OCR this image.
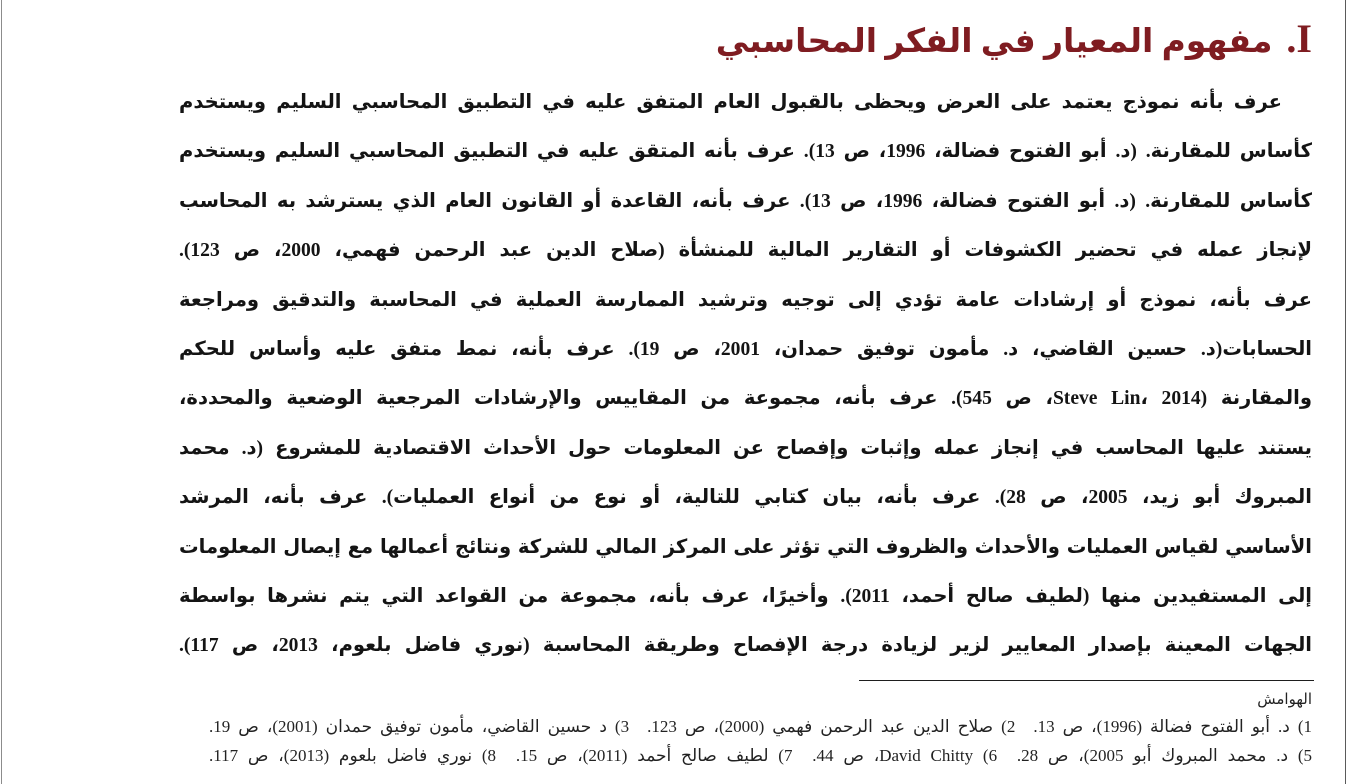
I.
مفهوم المعيار في الفكر المحاسبي
عرف بأنه نموذج يعتمد على العرض ويحظى بالقبول العام المتفق عليه في التطبيق المحاسبي السليم ويستخدم
كأساس للمقارنة. (د. أبو الفتوح فضالة، 1996، ص 13). عرف بأنه المتقق عليه في التطبيق المحاسبي السليم ويستخدم
كأساس للمقارنة. (د. أبو الفتوح فضالة، 1996، ص 13). عرف بأنه، القاعدة أو القانون العام الذي يسترشد به المحاسب
لإنجاز عمله في تحضير الكشوفات أو التقارير المالية للمنشأة (صلاح الدين عبد الرحمن فهمي، 2000، ص 123).
عرف بأنه، نموذج أو إرشادات عامة تؤدي إلى توجيه وترشيد الممارسة العملية في المحاسبة والتدقيق ومراجعة
الحسابات(د. حسين القاضي، د. مأمون توفيق حمدان، 2001، ص 19). عرف بأنه، نمط متفق عليه وأساس للحكم
والمقارنة (Steve Lin، 2014، ص 545). عرف بأنه، مجموعة من المقاييس والإرشادات المرجعية الوضعية والمحددة،
يستند عليها المحاسب في إنجاز عمله وإثبات وإفصاح عن المعلومات حول الأحداث الاقتصادية للمشروع (د. محمد
المبروك أبو زيد، 2005، ص 28). عرف بأنه، بيان كتابي للتالية، أو نوع من أنواع العمليات). عرف بأنه، المرشد
الأساسي لقياس العمليات والأحداث والظروف التي تؤثر على المركز المالي للشركة ونتائج أعمالها مع إيصال المعلومات
إلى المستفيدين منها (لطيف صالح أحمد، 2011). وأخيرًا، عرف بأنه، مجموعة من القواعد التي يتم نشرها بواسطة
الجهات المعينة بإصدار المعايير لزير لزيادة درجة الإفصاح وطريقة المحاسبة (نوري فاضل بلعوم، 2013، ص 117).
الهوامش
1) د. أبو الفتوح فضالة (1996)، ص 13. 2) صلاح الدين عبد الرحمن فهمي (2000)، ص 123. 3) د حسين القاضي، مأمون توفيق حمدان (2001)، ص 19.
5) د. محمد المبروك أبو 2005)، ص 28. 6) David Chitty، ص 44. 7) لطيف صالح أحمد (2011)، ص 15. 8) نوري فاضل بلعوم (2013)، ص 117.
